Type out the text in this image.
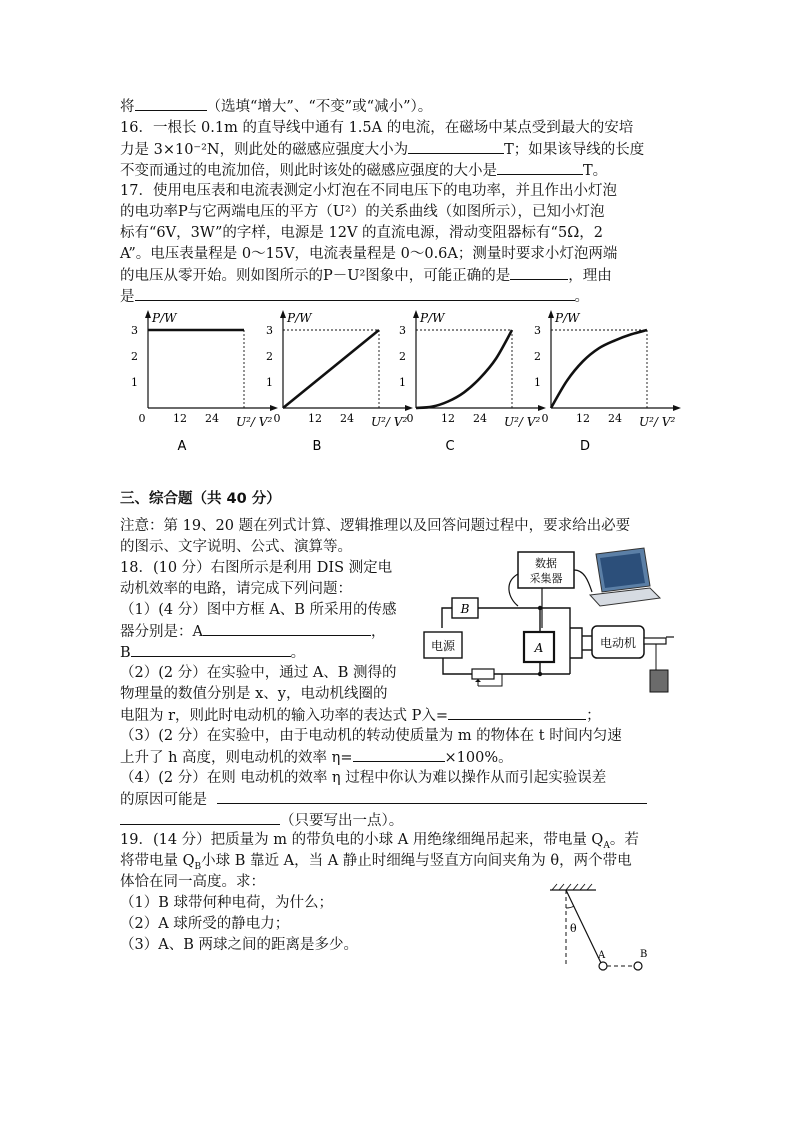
将	（选填“增大”、“不变”或“减小”）。
16．一根长 0.1m 的直导线中通有 1.5A 的电流，在磁场中某点受到最大的安培
力是 3×10⁻²N，则此处的磁感应强度大小为	T；如果该导线的长度
不变而通过的电流加倍，则此时该处的磁感应强度的大小是	T。
17．使用电压表和电流表测定小灯泡在不同电压下的电功率，并且作出小灯泡
的电功率P与它两端电压的平方（U²）的关系曲线（如图所示），已知小灯泡
标有“6V，3W”的字样，电源是 12V 的直流电源，滑动变阻器标有“5Ω，2
A”。电压表量程是 0～15V，电流表量程是 0～0.6A；测量时要求小灯泡两端
的电压从零开始。则如图所示的P－U²图象中，可能正确的是	，理由
是	。
P/W
U²/ V²
1
2
3
0	12 24
A
P/W
U²/ V²
1
2
3
0	12 24
B
P/W
U²/ V²
1
2
3
0	12 24
C
P/W
U²/ V²
1
2
3
0	12 24
D
三、综合题（共 40 分）
注意：第 19、20 题在列式计算、逻辑推理以及回答问题过程中，要求给出必要
的图示、文字说明、公式、演算等。
18．(10 分）右图所示是利用 DIS 测定电
动机效率的电路，请完成下列问题：
（1）(4 分）图中方框 A、B 所采用的传感
器分别是：A	，
B	。
（2）(2 分）在实验中，通过 A、B 测得的
物理量的数值分别是 x、y，电动机线圈的
电阻为 r，则此时电动机的输入功率的表达式 P入=	；
（3）(2 分）在实验中，由于电动机的转动使质量为 m 的物体在 t 时间内匀速
上升了 h 高度，则电动机的效率 η=	×100%。
（4）(2 分）在则 电动机的效率 η 过程中你认为难以操作从而引起实验误差
的原因可能是
（只要写出一点）。
数据
采集器
B
电源	A	电动机
19．(14 分）把质量为 m 的带负电的小球 A 用绝缘细绳吊起来，带电量 $Q_A$。若
将带电量 $Q_B$小球 B 靠近 A，当 A 静止时细绳与竖直方向间夹角为 θ，两个带电
体恰在同一高度。求：
（1）B 球带何种电荷，为什么；
（2）A 球所受的静电力；
（3）A、B 两球之间的距离是多少。
θ
A	B
